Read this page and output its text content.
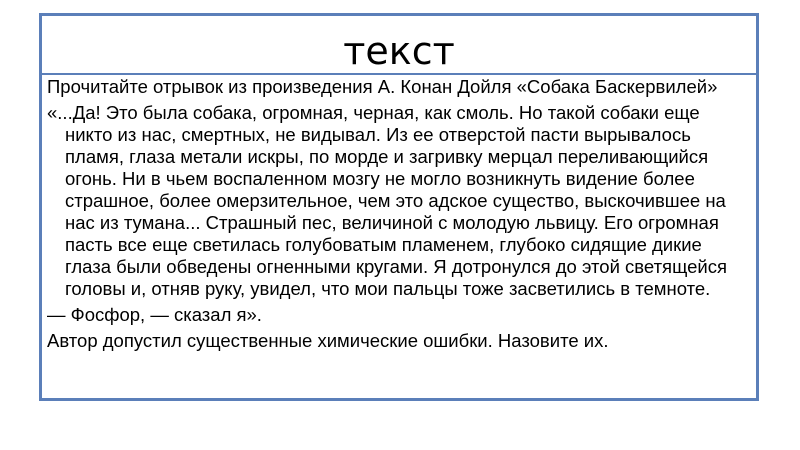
текст

Прочитайте отрывок из произведения А. Конан Дойля «Собака Баскервилей»

«...Да! Это была собака, огромная, черная, как смоль. Но такой собаки еще никто из нас, смертных, не видывал. Из ее отверстой пасти вырывалось пламя, глаза метали искры, по морде и загривку мерцал переливающийся огонь. Ни в чьем воспаленном мозгу не могло возникнуть видение более страшное, более омерзительное, чем это адское существо, выскочившее на нас из тумана... Страшный пес, величиной с молодую львицу. Его огромная пасть все еще светилась голубоватым пламенем, глубоко сидящие дикие глаза были обведены огненными кругами. Я дотронулся до этой светящейся головы и, отняв руку, увидел, что мои пальцы тоже засветились в темноте.

— Фосфор, — сказал я».

Автор допустил существенные химические ошибки. Назовите их.
